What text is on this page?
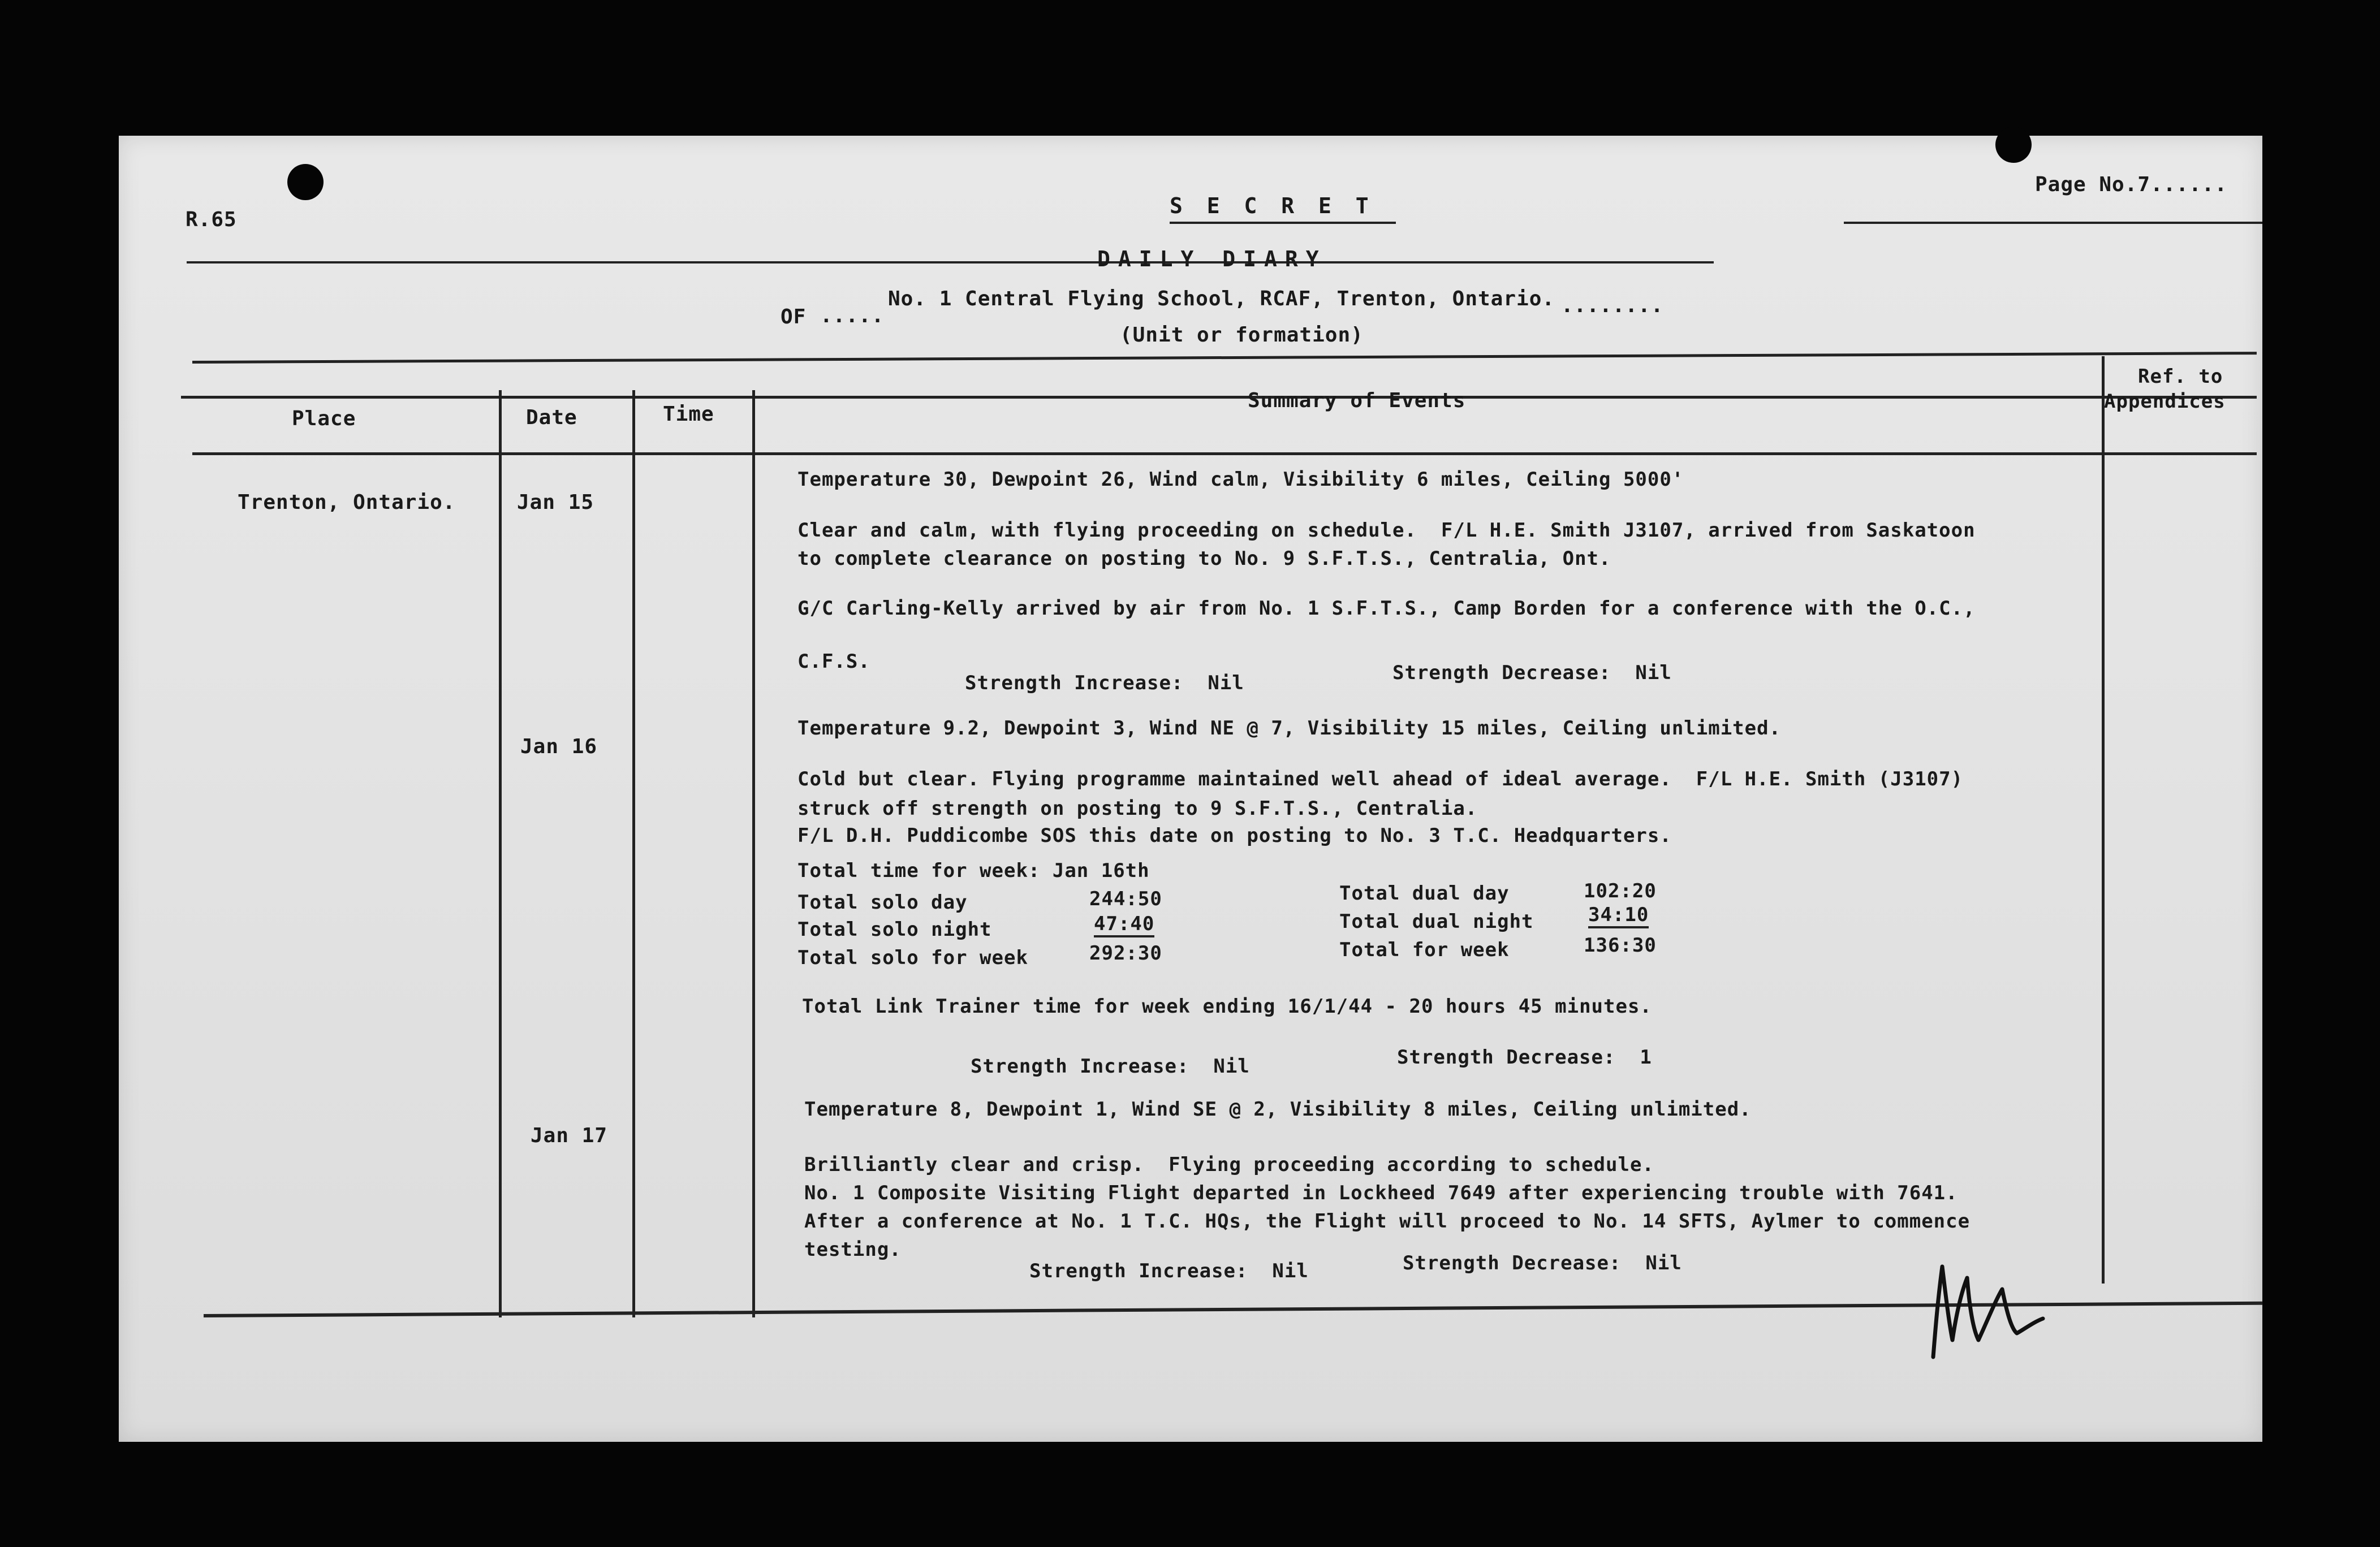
R.65
Page No.7......
S E C R E T
DAILY DIARY
OF .....
No. 1 Central Flying School, RCAF, Trenton, Ontario. ........
(Unit or formation)
Place	Date	Time
Summary of Events
Ref. to
Appendices
Trenton, Ontario.	Jan 15
Temperature 30, Dewpoint 26, Wind calm, Visibility 6 miles, Ceiling 5000'
Clear and calm, with flying proceeding on schedule.  F/L H.E. Smith J3107, arrived from Saskatoon
to complete clearance on posting to No. 9 S.F.T.S., Centralia, Ont.
G/C Carling-Kelly arrived by air from No. 1 S.F.T.S., Camp Borden for a conference with the O.C.,
C.F.S.
Strength Increase:  Nil	Strength Decrease:  Nil
Jan 16
Temperature 9.2, Dewpoint 3, Wind NE @ 7, Visibility 15 miles, Ceiling unlimited.
Cold but clear. Flying programme maintained well ahead of ideal average.  F/L H.E. Smith (J3107)
struck off strength on posting to 9 S.F.T.S., Centralia.
F/L D.H. Puddicombe SOS this date on posting to No. 3 T.C. Headquarters.
Total time for week: Jan 16th
Total solo day	244:50
Total solo night	47:40
Total solo for week	292:30
Total dual day	102:20
Total dual night	34:10
Total for week	136:30
Total Link Trainer time for week ending 16/1/44 - 20 hours 45 minutes.
Strength Increase:  Nil	Strength Decrease:  1
Jan 17
Temperature 8, Dewpoint 1, Wind SE @ 2, Visibility 8 miles, Ceiling unlimited.
Brilliantly clear and crisp.  Flying proceeding according to schedule.
No. 1 Composite Visiting Flight departed in Lockheed 7649 after experiencing trouble with 7641.
After a conference at No. 1 T.C. HQs, the Flight will proceed to No. 14 SFTS, Aylmer to commence
testing.
Strength Increase:  Nil	Strength Decrease:  Nil
